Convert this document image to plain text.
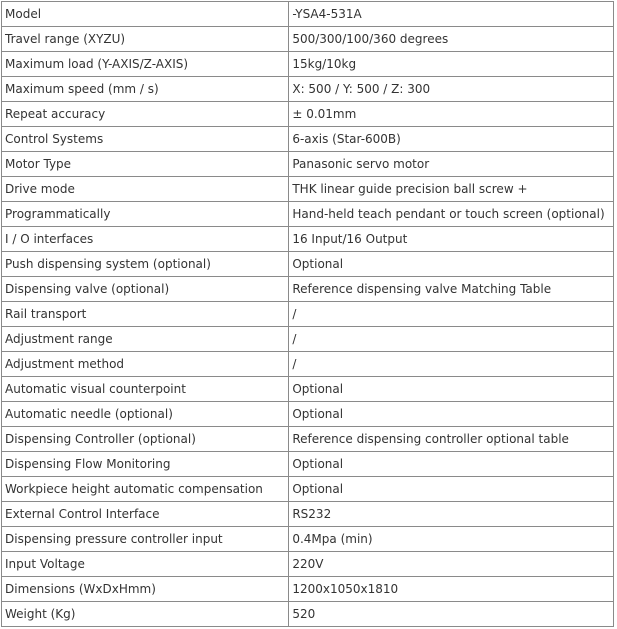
Model	-YSA4-531A
Travel range (XYZU)	500/300/100/360 degrees
Maximum load (Y-AXIS/Z-AXIS)	15kg/10kg
Maximum speed (mm / s)	X: 500 / Y: 500 / Z: 300
Repeat accuracy	± 0.01mm
Control Systems	6-axis (Star-600B)
Motor Type	Panasonic servo motor
Drive mode	THK linear guide precision ball screw +
Programmatically	Hand-held teach pendant or touch screen (optional)
I / O interfaces	16 Input/16 Output
Push dispensing system (optional)	Optional
Dispensing valve (optional)	Reference dispensing valve Matching Table
Rail transport	/
Adjustment range	/
Adjustment method	/
Automatic visual counterpoint	Optional
Automatic needle (optional)	Optional
Dispensing Controller (optional)	Reference dispensing controller optional table
Dispensing Flow Monitoring	Optional
Workpiece height automatic compensation	Optional
External Control Interface	RS232
Dispensing pressure controller input	0.4Mpa (min)
Input Voltage	220V
Dimensions (WxDxHmm)	1200x1050x1810
Weight (Kg)	520
